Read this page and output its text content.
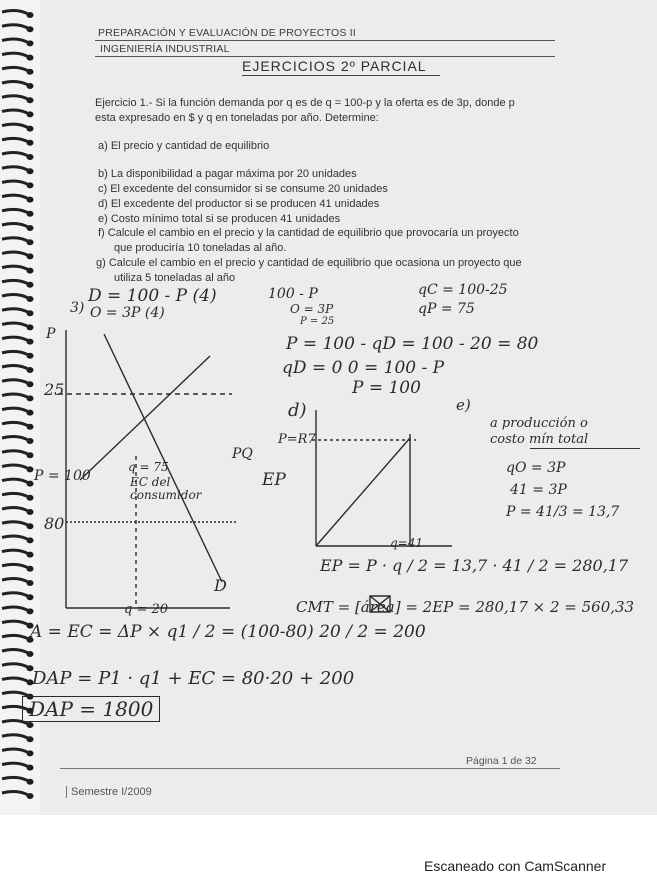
PREPARACIÓN Y EVALUACIÓN DE PROYECTOS II
INGENIERÍA INDUSTRIAL
EJERCICIOS 2º PARCIAL
Ejercicio 1.- Si la función demanda por q es de q = 100-p y la oferta es de 3p, donde p
esta expresado en $ y q en toneladas por año. Determine:
a) El precio y cantidad de equilibrio
b) La disponibilidad a pagar máxima por 20 unidades
c) El excedente del consumidor si se consume 20 unidades
d) El excedente del productor si se producen 41 unidades
e) Costo mínimo total si se producen 41 unidades
f) Calcule el cambio en el precio y la cantidad de equilibrio que provocaría un proyecto
que produciría 10 toneladas al año.
g) Calcule el cambio en el precio y cantidad de equilibrio que ocasiona un proyecto que
utiliza 5 toneladas al año
D = 100 - P (4)
O = 3P (4)
100 - P
O = 3P
P = 25
qC = 100-25
qP = 75
P = 100 - qD = 100 - 20 = 80
qD = 0 0 = 100 - P
P = 100
3)
P
25
P = 100
80
q = 75
EC del consumidor
PQ
D
q = 20
d)
P=R7
EP
q=41
e)
a producción o
costo mín total
qO = 3P
41 = 3P
P = 41/3 = 13,7
EP = P · q / 2 = 13,7 · 41 / 2 = 280,17
CMT = [área] = 2EP = 280,17 × 2 = 560,33
A = EC = ΔP × q1 / 2 = (100-80) 20 / 2 = 200
DAP = P1 · q1 + EC = 80·20 + 200
DAP = 1800
Página 1 de 32
Semestre I/2009
Escaneado con CamScanner
